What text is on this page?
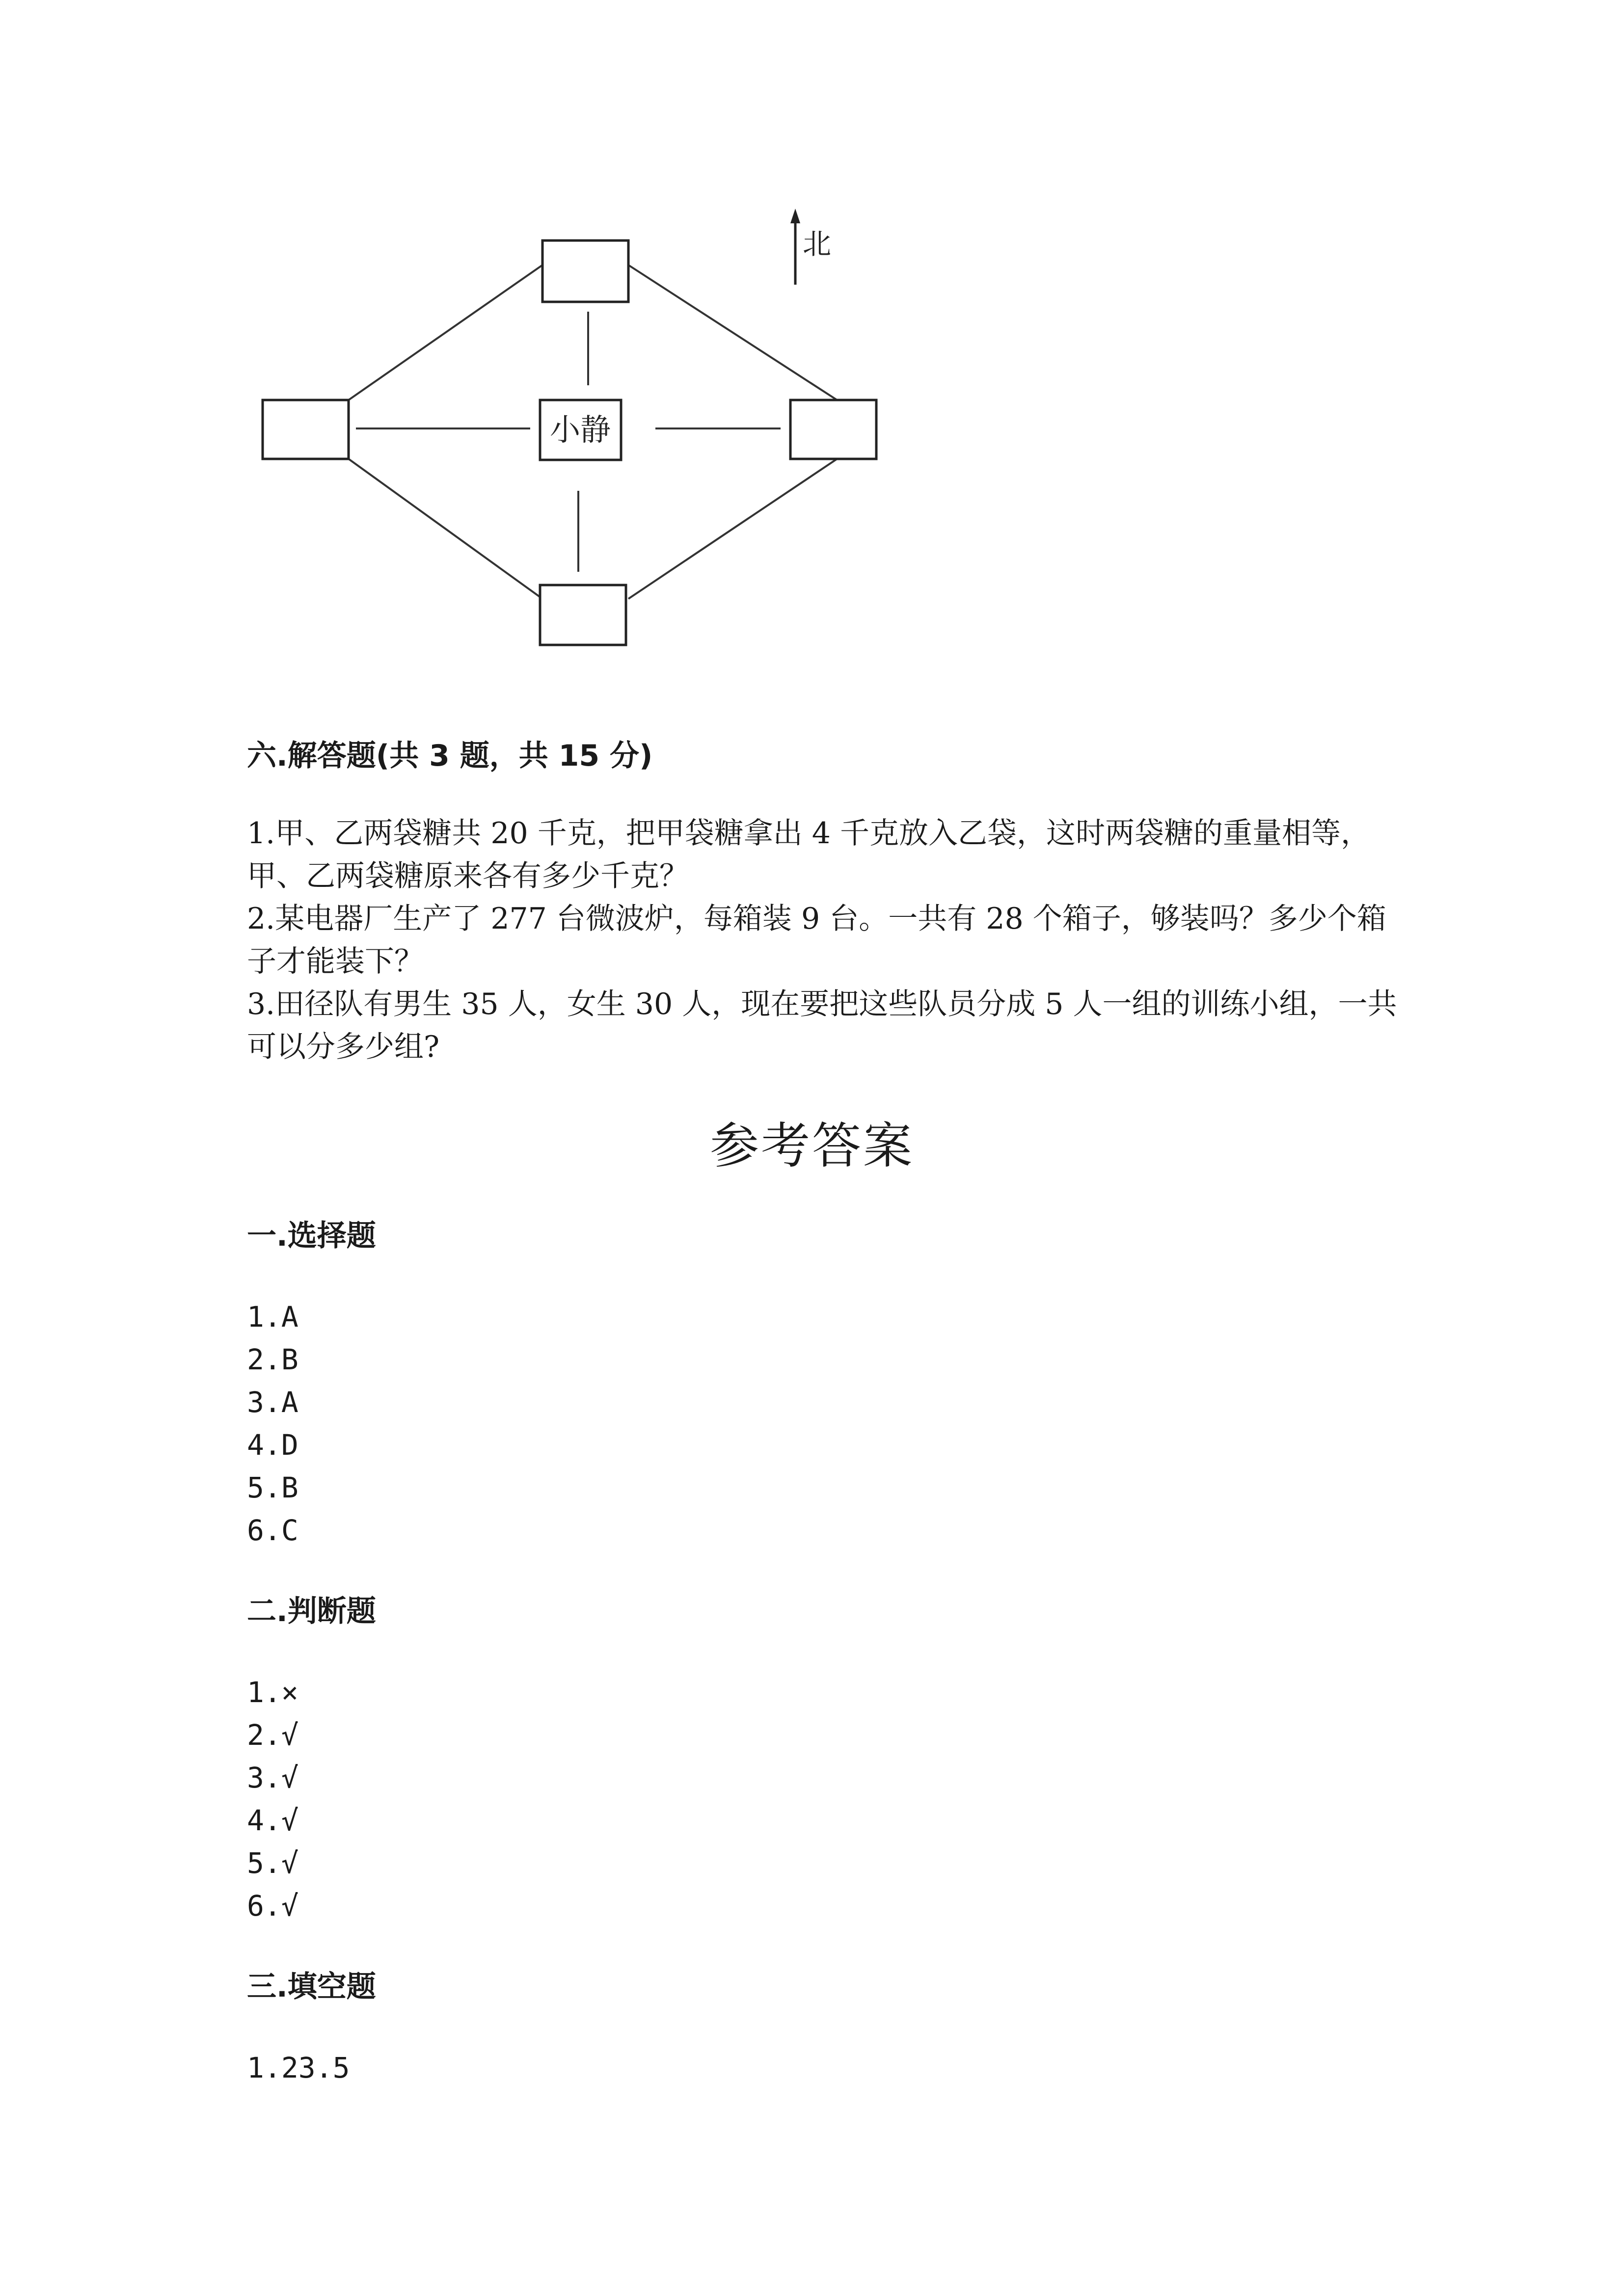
小静
北
六.解答题(共 3 题，共 15 分)

1.甲、乙两袋糖共 20 千克，把甲袋糖拿出 4 千克放入乙袋，这时两袋糖的重量相等，甲、乙两袋糖原来各有多少千克？

2.某电器厂生产了 277 台微波炉，每箱装 9 台。一共有 28 个箱子，够装吗？多少个箱子才能装下？

3.田径队有男生 35 人，女生 30 人，现在要把这些队员分成 5 人一组的训练小组，一共可以分多少组?

参考答案
一.选择题
1.A
2.B
3.A
4.D
5.B
6.C
二.判断题
1.×
2.√
3.√
4.√
5.√
6.√
三.填空题
1.23.5
